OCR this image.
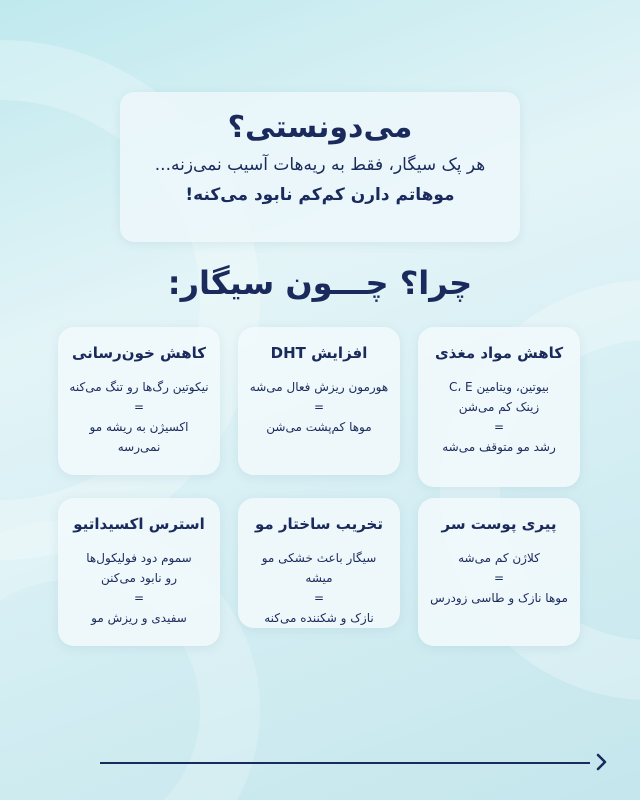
می‌دونستی؟
هر پک سیگار، فقط به ریه‌هات آسیب نمی‌زنه...
موهاتم دارن کم‌کم نابود می‌کنه!
چرا؟ چـــون سیگار:
کاهش مواد مغذی
بیوتین، ویتامین C، E
زینک کم می‌شن
=
رشد مو متوقف می‌شه
افزایش DHT
هورمون ریزش فعال می‌شه
=
موها کم‌پشت می‌شن
کاهش خون‌رسانی
نیکوتین رگ‌ها رو تنگ می‌کنه
=
اکسیژن به ریشه مو نمی‌رسه
پیری پوست سر
کلاژن کم می‌شه
=
موها نازک و طاسی زودرس
تخریب ساختار مو
سیگار باعث خشکی مو میشه
=
نازک و شکننده می‌کنه
استرس اکسیداتیو
سموم دود فولیکول‌ها
رو نابود می‌کنن
=
سفیدی و ریزش مو
